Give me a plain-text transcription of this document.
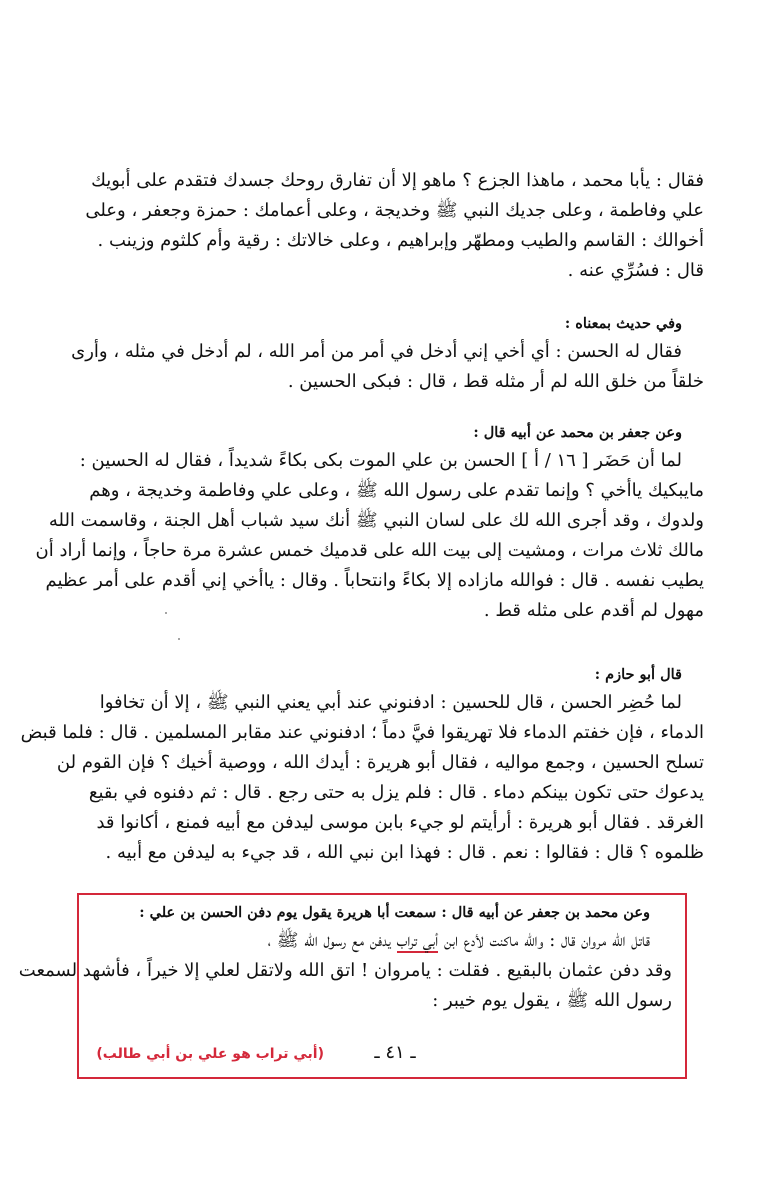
فقال : يأبا محمد ، ماهذا الجزع ؟ ماهو إلا أن تفارق روحك جسدك فتقدم على أبويك
علي وفاطمة ، وعلى جديك النبي ﷺ وخديجة ، وعلى أعمامك : حمزة وجعفر ، وعلى
أخوالك : القاسم والطيب ومطهّر وإبراهيم ، وعلى خالاتك : رقية وأم كلثوم وزينب .
قال : فسُرِّي عنه .
وفي حديث بمعناه :
فقال له الحسن : أي أخي إني أدخل في أمر من أمر الله ، لم أدخل في مثله ، وأرى
خلقاً من خلق الله لم أر مثله قط ، قال : فبكى الحسين .
وعن جعفر بن محمد عن أبيه قال :
لما أن حَضَر [ ١٦ / أ ] الحسن بن علي الموت بكى بكاءً شديداً ، فقال له الحسين :
مايبكيك ياأخي ؟ وإنما تقدم على رسول الله ﷺ ، وعلى علي وفاطمة وخديجة ، وهم
ولدوك ، وقد أجرى الله لك على لسان النبي ﷺ أنك سيد شباب أهل الجنة ، وقاسمت الله
مالك ثلاث مرات ، ومشيت إلى بيت الله على قدميك خمس عشرة مرة حاجاً ، وإنما أراد أن
يطيب نفسه . قال : فوالله مازاده إلا بكاءً وانتحاباً . وقال : ياأخي إني أقدم على أمر عظيم
مهول لم أقدم على مثله قط .
قال أبو حازم :
لما حُضِر الحسن ، قال للحسين : ادفنوني عند أبي يعني النبي ﷺ ، إلا أن تخافوا
الدماء ، فإن خفتم الدماء فلا تهريقوا فيَّ دماً ؛ ادفنوني عند مقابر المسلمين . قال : فلما قبض
تسلح الحسين ، وجمع مواليه ، فقال أبو هريرة : أيدك الله ، ووصية أخيك ؟ فإن القوم لن
يدعوك حتى تكون بينكم دماء . قال : فلم يزل به حتى رجع . قال : ثم دفنوه في بقيع
الغرقد . فقال أبو هريرة : أرأيتم لو جيء بابن موسى ليدفن مع أبيه فمنع ، أكانوا قد
ظلموه ؟ قال : فقالوا : نعم . قال : فهذا ابن نبي الله ، قد جيء به ليدفن مع أبيه .
وعن محمد بن جعفر عن أبيه قال : سمعت أبا هريرة يقول يوم دفن الحسن بن علي :
قاتل الله مروان قال : والله ماكنت لأدع ابن أبي تراب يدفن مع رسول الله ﷺ ،
وقد دفن عثمان بالبقيع . فقلت : يامروان ! اتق الله ولاتقل لعلي إلا خيراً ، فأشهد لسمعت
رسول الله ﷺ ، يقول يوم خيبر :
ـ ٤١ ـ
(أبي تراب هو علي بن أبي طالب)
